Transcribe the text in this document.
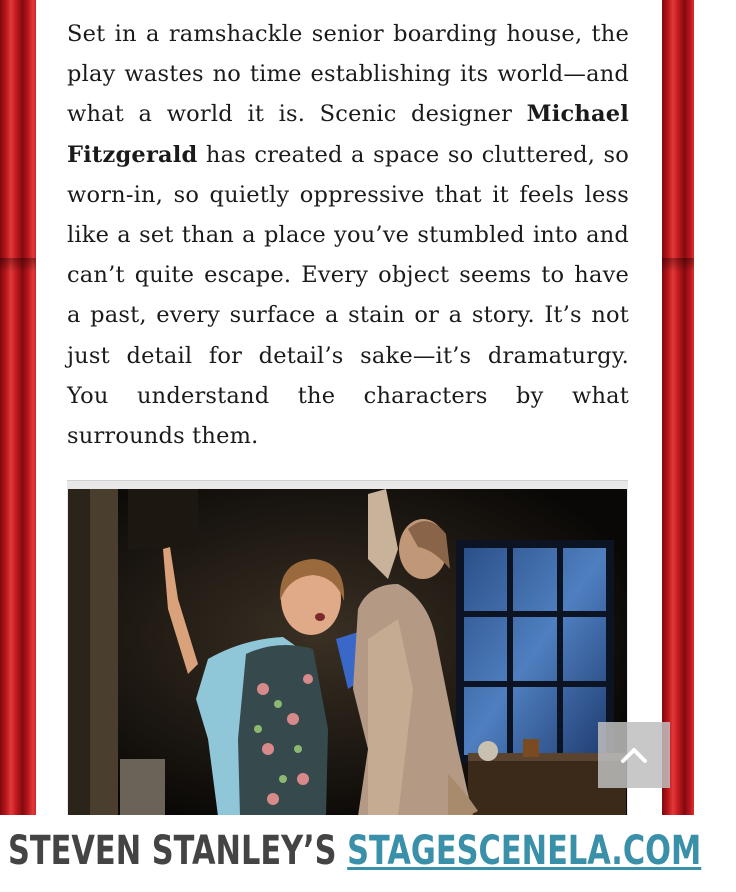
Set in a ramshackle senior boarding house, the play wastes no time establishing its world—and what a world it is. Scenic designer Michael Fitzgerald has created a space so cluttered, so worn-in, so quietly oppressive that it feels less like a set than a place you’ve stumbled into and can’t quite escape. Every object seems to have a past, every surface a stain or a story. It’s not just detail for detail’s sake—it’s dramaturgy. You understand the characters by what surrounds them.

STEVEN STANLEY’S STAGESCENELA.COM
